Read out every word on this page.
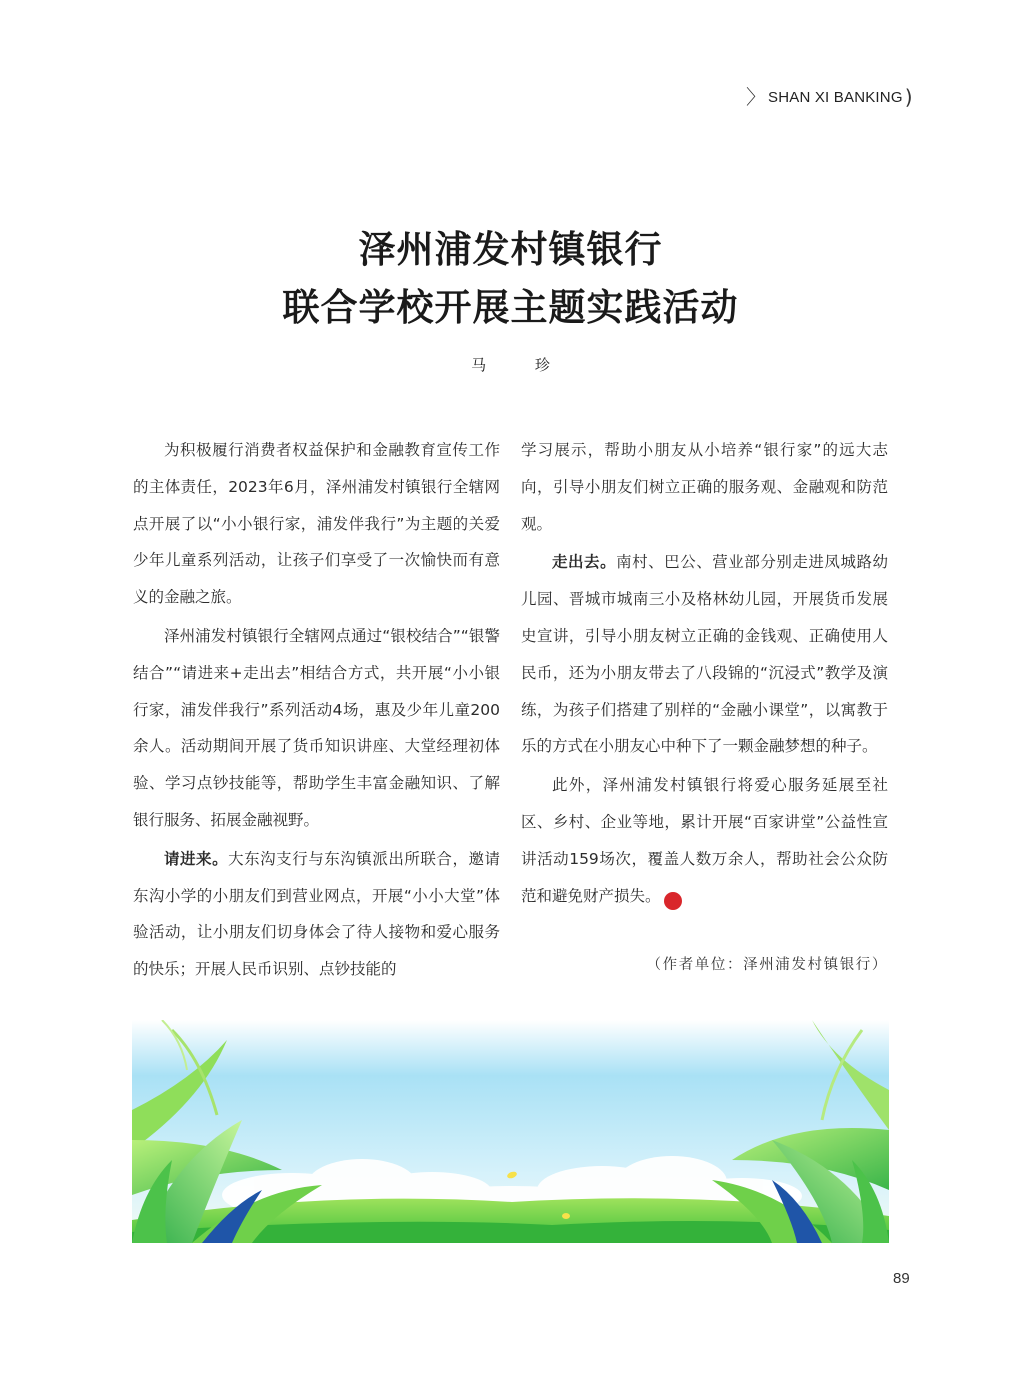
〉 SHAN XI BANKING )
泽州浦发村镇银行
联合学校开展主题实践活动
马 珍

为积极履行消费者权益保护和金融教育宣传工作的主体责任，2023年6月，泽州浦发村镇银行全辖网点开展了以“小小银行家，浦发伴我行”为主题的关爱少年儿童系列活动，让孩子们享受了一次愉快而有意义的金融之旅。

泽州浦发村镇银行全辖网点通过“银校结合”“银警结合”“请进来+走出去”相结合方式，共开展“小小银行家，浦发伴我行”系列活动4场，惠及少年儿童200余人。活动期间开展了货币知识讲座、大堂经理初体验、学习点钞技能等，帮助学生丰富金融知识、了解银行服务、拓展金融视野。

请进来。大东沟支行与东沟镇派出所联合，邀请东沟小学的小朋友们到营业网点，开展“小小大堂”体验活动，让小朋友们切身体会了待人接物和爱心服务的快乐；开展人民币识别、点钞技能的

学习展示，帮助小朋友从小培养“银行家”的远大志向，引导小朋友们树立正确的服务观、金融观和防范观。

走出去。南村、巴公、营业部分别走进凤城路幼儿园、晋城市城南三小及格林幼儿园，开展货币发展史宣讲，引导小朋友树立正确的金钱观、正确使用人民币，还为小朋友带去了八段锦的“沉浸式”教学及演练，为孩子们搭建了别样的“金融小课堂”，以寓教于乐的方式在小朋友心中种下了一颗金融梦想的种子。

此外，泽州浦发村镇银行将爱心服务延展至社区、乡村、企业等地，累计开展“百家讲堂”公益性宣讲活动159场次，覆盖人数万余人，帮助社会公众防范和避免财产损失。	S

（作者单位：泽州浦发村镇银行）
89
